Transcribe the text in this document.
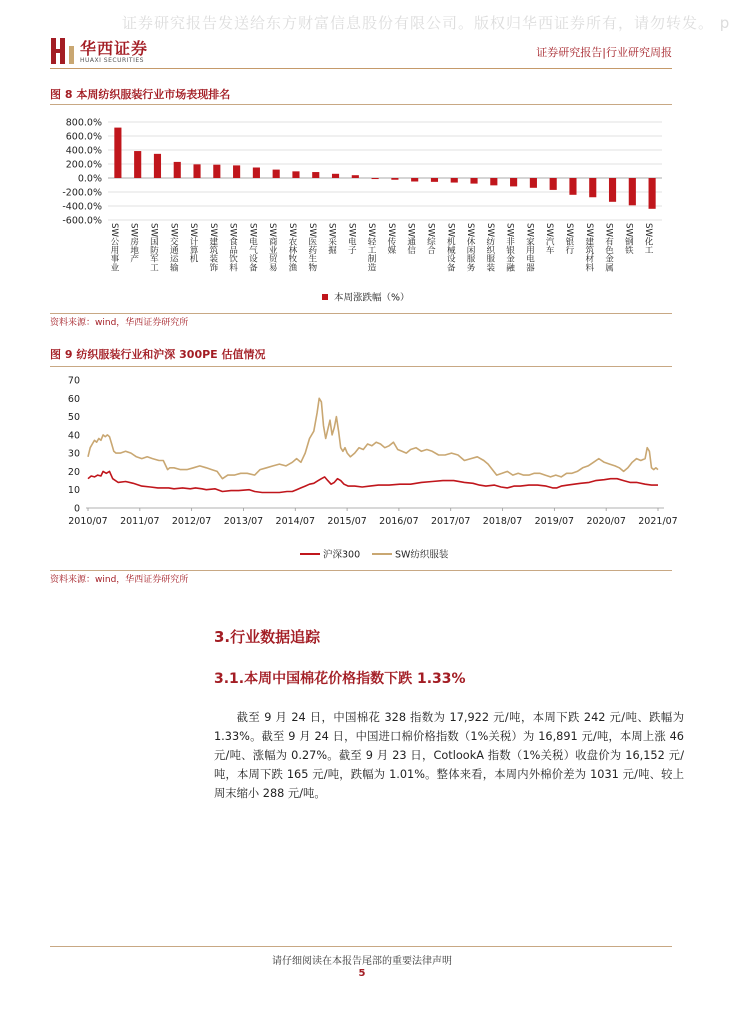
证券研究报告发送给东方财富信息股份有限公司。版权归华西证券所有，请勿转发。 p
华西证券
HUAXI SECURITIES
证券研究报告|行业研究周报
图 8 本周纺织服装行业市场表现排名
800.0%
600.0%
400.0%
200.0%
0.0%
-200.0%
-400.0%
-600.0%
SW公用事业 SW房地产 SW国防军工 SW交通运输 SW计算机 SW建筑装饰 SW食品饮料 SW电气设备 SW商业贸易 SW农林牧渔 SW医药生物 SW采掘 SW电子 SW轻工制造 SW传媒 SW通信 SW综合 SW机械设备 SW休闲服务 SW纺织服装 SW非银金融 SW家用电器 SW汽车 SW银行 SW建筑材料 SW有色金属 SW钢铁 SW化工
本周涨跌幅（%）
资料来源：wind，华西证券研究所
图 9 纺织服装行业和沪深 300PE 估值情况
70
60
50
40
30
20
10
0
2010/07 2011/07 2012/07 2013/07 2014/07 2015/07 2016/07 2017/07 2018/07 2019/07 2020/07 2021/07
沪深300	SW纺织服装
资料来源：wind，华西证券研究所
3.行业数据追踪
3.1.本周中国棉花价格指数下跌 1.33%

截至 9 月 24 日，中国棉花 328 指数为 17,922 元/吨，本周下跌 242 元/吨、跌幅为 1.33%。截至 9 月 24 日，中国进口棉价格指数（1%关税）为 16,891 元/吨，本周上涨 46 元/吨、涨幅为 0.27%。截至 9 月 23 日，CotlookA 指数（1%关税）收盘价为 16,152 元/吨，本周下跌 165 元/吨，跌幅为 1.01%。整体来看，本周内外棉价差为 1031 元/吨、较上周末缩小 288 元/吨。

请仔细阅读在本报告尾部的重要法律声明
5
